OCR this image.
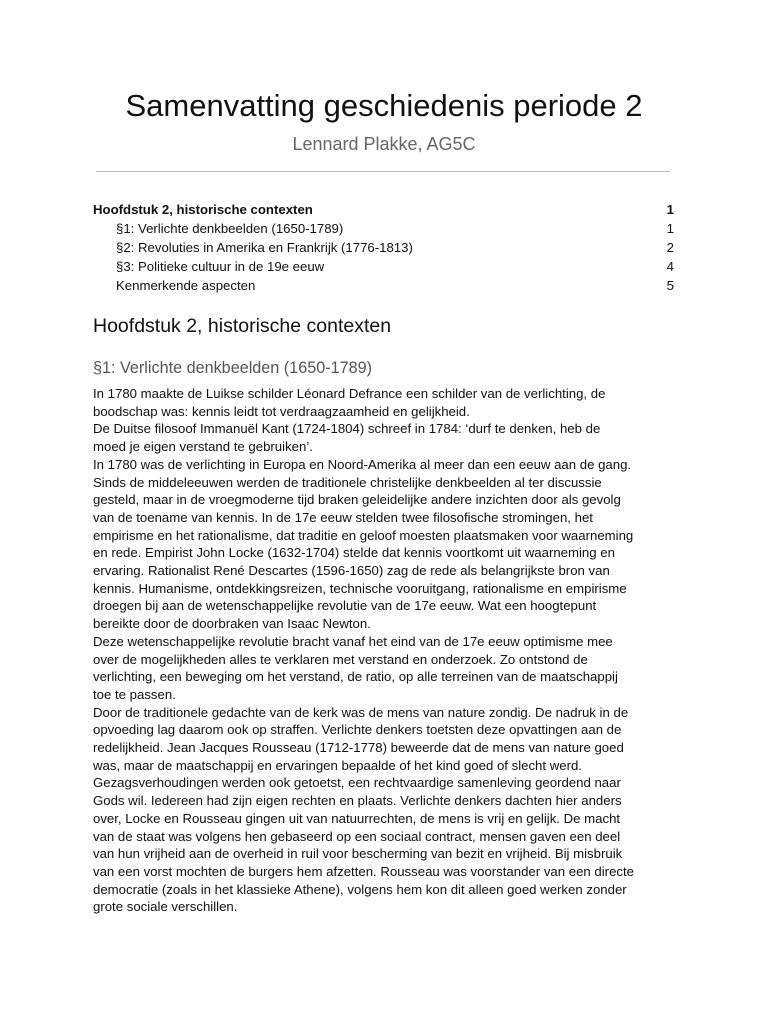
Samenvatting geschiedenis periode 2
Lennard Plakke, AG5C
Hoofdstuk 2, historische contexten	1
§1: Verlichte denkbeelden (1650-1789)	1
§2: Revoluties in Amerika en Frankrijk (1776-1813)	2
§3: Politieke cultuur in de 19e eeuw	4
Kenmerkende aspecten	5
Hoofdstuk 2, historische contexten
§1: Verlichte denkbeelden (1650-1789)
In 1780 maakte de Luikse schilder Léonard Defrance een schilder van de verlichting, de
boodschap was: kennis leidt tot verdraagzaamheid en gelijkheid.
De Duitse filosoof Immanuël Kant (1724-1804) schreef in 1784: ‘durf te denken, heb de
moed je eigen verstand te gebruiken’.
In 1780 was de verlichting in Europa en Noord-Amerika al meer dan een eeuw aan de gang.
Sinds de middeleeuwen werden de traditionele christelijke denkbeelden al ter discussie
gesteld, maar in de vroegmoderne tijd braken geleidelijke andere inzichten door als gevolg
van de toename van kennis. In de 17e eeuw stelden twee filosofische stromingen, het
empirisme en het rationalisme, dat traditie en geloof moesten plaatsmaken voor waarneming
en rede. Empirist John Locke (1632-1704) stelde dat kennis voortkomt uit waarneming en
ervaring. Rationalist René Descartes (1596-1650) zag de rede als belangrijkste bron van
kennis. Humanisme, ontdekkingsreizen, technische vooruitgang, rationalisme en empirisme
droegen bij aan de wetenschappelijke revolutie van de 17e eeuw. Wat een hoogtepunt
bereikte door de doorbraken van Isaac Newton.
Deze wetenschappelijke revolutie bracht vanaf het eind van de 17e eeuw optimisme mee
over de mogelijkheden alles te verklaren met verstand en onderzoek. Zo ontstond de
verlichting, een beweging om het verstand, de ratio, op alle terreinen van de maatschappij
toe te passen.
Door de traditionele gedachte van de kerk was de mens van nature zondig. De nadruk in de
opvoeding lag daarom ook op straffen. Verlichte denkers toetsten deze opvattingen aan de
redelijkheid. Jean Jacques Rousseau (1712-1778) beweerde dat de mens van nature goed
was, maar de maatschappij en ervaringen bepaalde of het kind goed of slecht werd.
Gezagsverhoudingen werden ook getoetst, een rechtvaardige samenleving geordend naar
Gods wil. Iedereen had zijn eigen rechten en plaats. Verlichte denkers dachten hier anders
over, Locke en Rousseau gingen uit van natuurrechten, de mens is vrij en gelijk. De macht
van de staat was volgens hen gebaseerd op een sociaal contract, mensen gaven een deel
van hun vrijheid aan de overheid in ruil voor bescherming van bezit en vrijheid. Bij misbruik
van een vorst mochten de burgers hem afzetten. Rousseau was voorstander van een directe
democratie (zoals in het klassieke Athene), volgens hem kon dit alleen goed werken zonder
grote sociale verschillen.
